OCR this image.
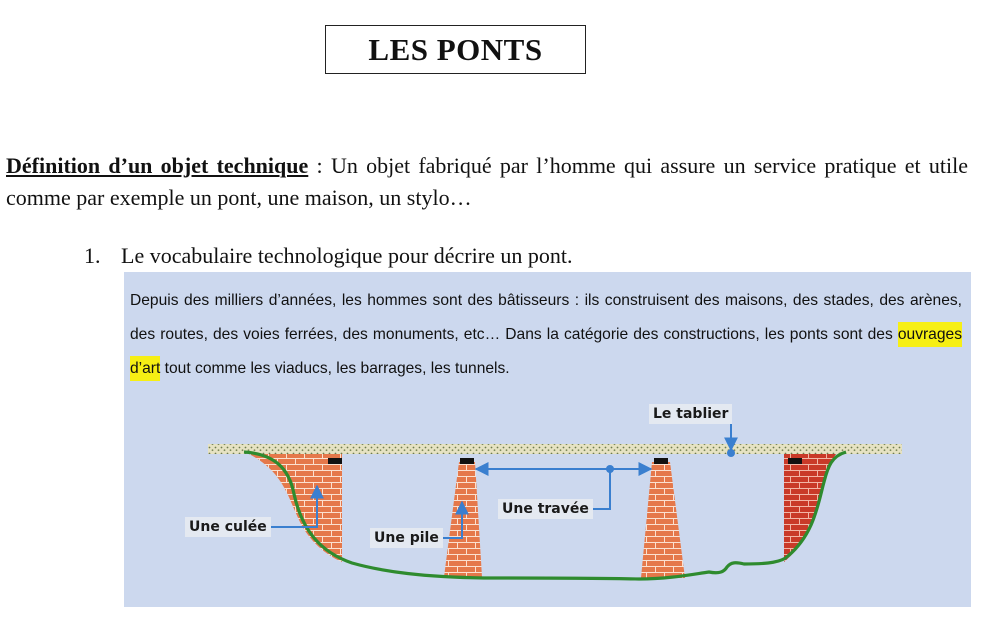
LES PONTS
Définition d’un objet technique : Un objet fabriqué par l’homme qui assure un service pratique et utile comme par exemple un pont, une maison, un stylo…
1. Le vocabulaire technologique pour décrire un pont.
Depuis des milliers d’années, les hommes sont des bâtisseurs : ils construisent des maisons, des stades, des arènes, des routes, des voies ferrées, des monuments, etc… Dans la catégorie des constructions, les ponts sont des ouvrages d’art tout comme les viaducs, les barrages, les tunnels.
Le tablier
Une travée
Une culée
Une pile
